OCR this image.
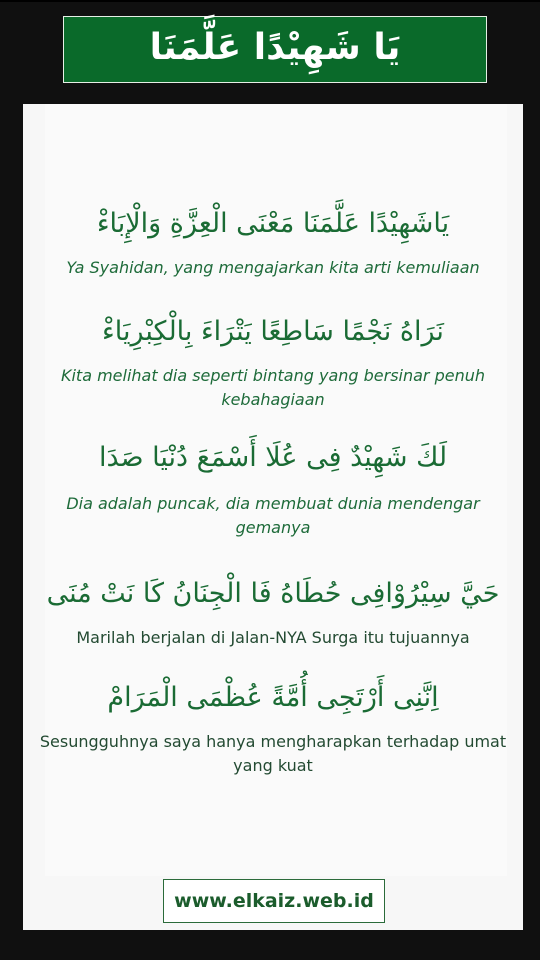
يَا شَهِيْدًا عَلَّمَنَا
يَاشَهِيْدًا عَلَّمَنَا مَعْنَى الْعِزَّةِ وَالْإِبَاءْ
Ya Syahidan, yang mengajarkan kita arti kemuliaan
نَرَاهُ نَجْمًا سَاطِعًا يَتْرَاءَ بِالْكِبْرِيَاءْ
Kita melihat dia seperti bintang yang bersinar penuh kebahagiaan
لَكَ شَهِيْدٌ فِى عُلَا أَسْمَعَ دُنْيَا صَدَا
Dia adalah puncak, dia membuat dunia mendengar gemanya
حَيَّ سِيْرُوْافِى حُطَاهُ فَا الْجِنَانُ كَا نَتْ مُنَى
Marilah berjalan di Jalan-NYA Surga itu tujuannya
اِنَّنِى أَرْتَجِى أُمَّةً عُظْمَى الْمَرَامْ
Sesungguhnya saya hanya mengharapkan terhadap umat yang kuat
www.elkaiz.web.id
